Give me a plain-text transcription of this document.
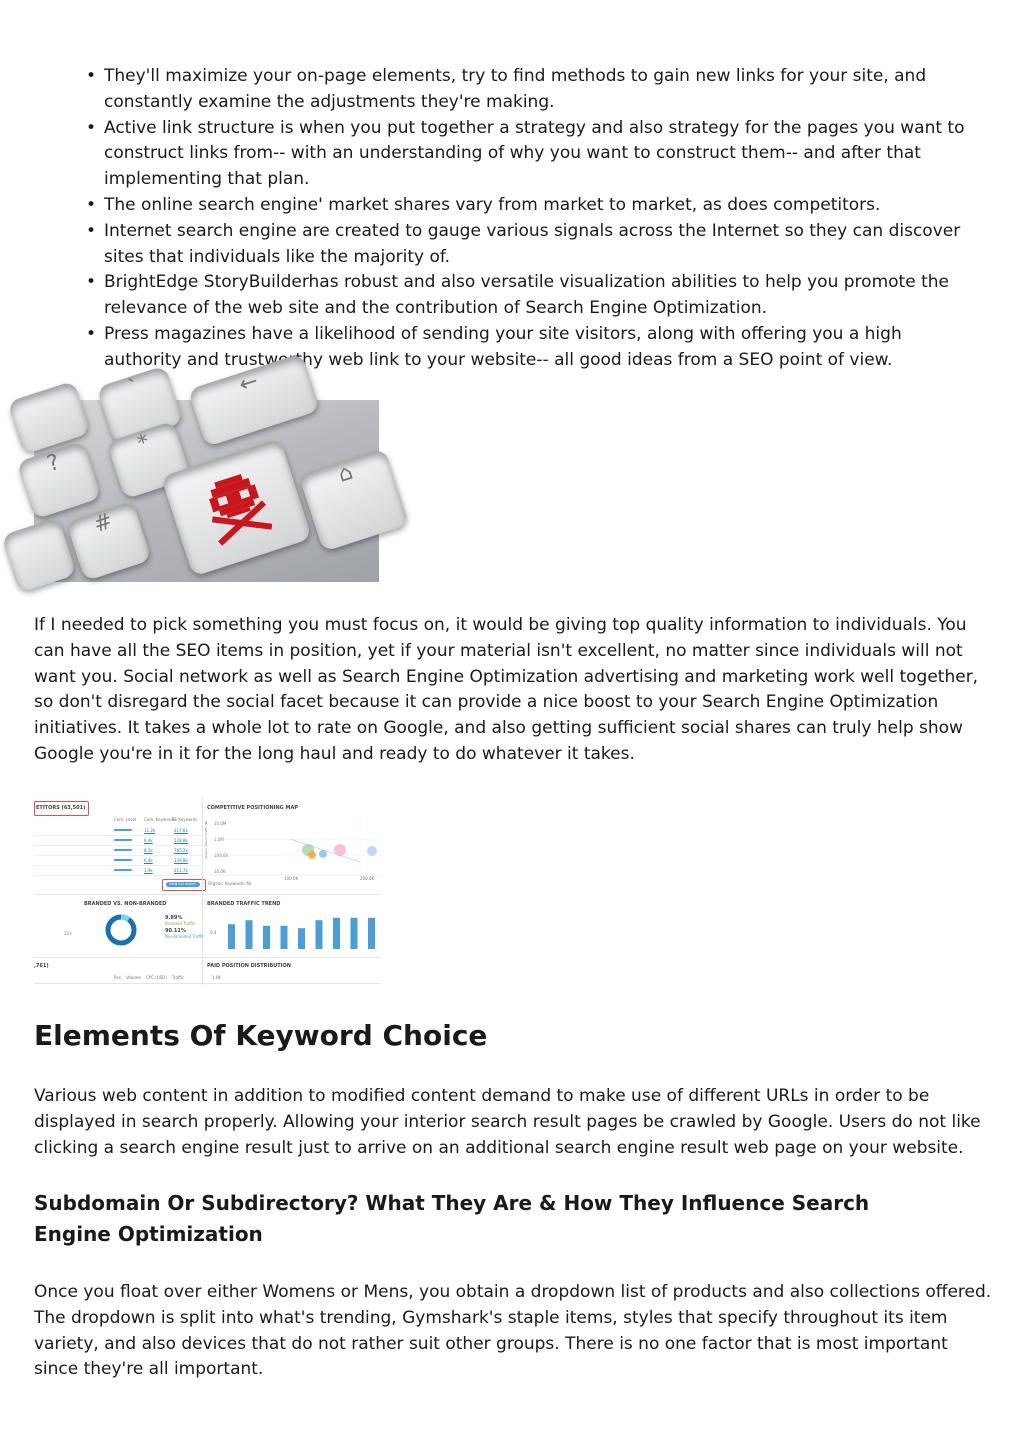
• They'll maximize your on-page elements, try to find methods to gain new links for your site, and constantly examine the adjustments they're making.
• Active link structure is when you put together a strategy and also strategy for the pages you want to construct links from-- with an understanding of why you want to construct them-- and after that implementing that plan.
• The online search engine' market shares vary from market to market, as does competitors.
• Internet search engine are created to gauge various signals across the Internet so they can discover sites that individuals like the majority of.
• BrightEdge StoryBuilderhas robust and also versatile visualization abilities to help you promote the relevance of the web site and the contribution of Search Engine Optimization.
• Press magazines have a likelihood of sending your site visitors, along with offering you a high authority and trustworthy web link to your website-- all good ideas from a SEO point of view.
`	←
?
*
#
⌂

If I needed to pick something you must focus on, it would be giving top quality information to individuals. You can have all the SEO items in position, yet if your material isn't excellent, no matter since individuals will not want you. Social network as well as Search Engine Optimization advertising and marketing work well together, so don't disregard the social facet because it can provide a nice boost to your Search Engine Optimization initiatives. It takes a whole lot to rate on Google, and also getting sufficient social shares can truly help show Google you're in it for the long haul and ready to do whatever it takes.

ETITORS (63,501)
Com. Level Com. Keywords
SE Keywords
11.2k	217.6k
6.4k	128.8k
8.2k	765.2k
6.4k	139.8k
1.9k	211.7k
View full report
COMPETITIVE POSITIONING MAP
10.0M
1.0M
100.0K
10.0K
Organic Keywords (N)
100.0K	200.0K
Organic Search Traffic (N)
BRANDED VS. NON-BRANDED
223
9.89%
Branded Traffic
90.11%
Non-Branded Traffic
BRANDED TRAFFIC TREND
0.4
,761)
Pos. Volume CPC (USD) Traffic
PAID POSITION DISTRIBUTION
1.0K
Elements Of Keyword Choice

Various web content in addition to modified content demand to make use of different URLs in order to be displayed in search properly. Allowing your interior search result pages be crawled by Google. Users do not like clicking a search engine result just to arrive on an additional search engine result web page on your website.

Subdomain Or Subdirectory? What They Are & How They Influence Search Engine Optimization

Once you float over either Womens or Mens, you obtain a dropdown list of products and also collections offered. The dropdown is split into what's trending, Gymshark's staple items, styles that specify throughout its item variety, and also devices that do not rather suit other groups. There is no one factor that is most important since they're all important.
